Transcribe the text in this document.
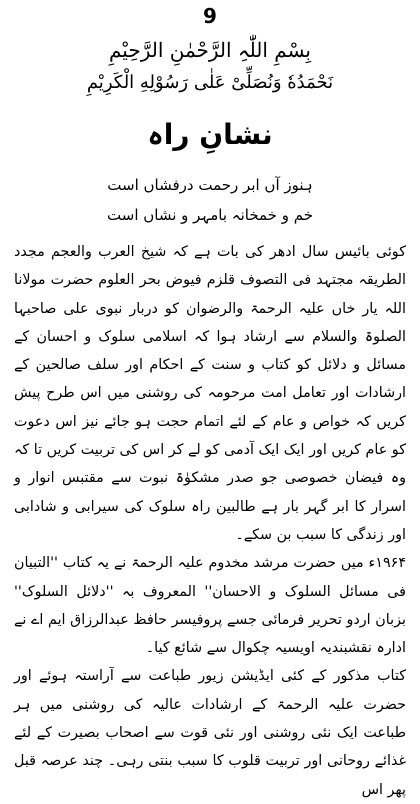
9
بِسْمِ اللّٰہِ الرَّحْمٰنِ الرَّحِیْمِ
نَحْمَدُهٗ وَنُصَلِّیْ عَلٰی رَسُوْلِهِ الْكَرِیْمِ
نشانِ راہ
ہنوز آں ابر رحمت درفشاں است
خم و خمخانہ بامہر و نشاں است

کوئی بائیس سال ادھر کی بات ہے کہ شیخ العرب والعجم مجدد الطریقہ مجتہد فی التصوف قلزم فیوض بحر العلوم حضرت مولانا اللہ یار خاں علیہ الرحمۃ والرضوان کو دربار نبوی علی صاحبہا الصلوۃ والسلام سے ارشاد ہوا کہ اسلامی سلوک و احسان کے مسائل و دلائل کو کتاب و سنت کے احکام اور سلف صالحین کے ارشادات اور تعامل امت مرحومہ کی روشنی میں اس طرح پیش کریں کہ خواص و عام کے لئے اتمام حجت ہو جائے نیز اس دعوت کو عام کریں اور ایک ایک آدمی کو لے کر اس کی تربیت کریں تا کہ وہ فیضان خصوصی جو صدر مشکوٰۃ نبوت سے مقتبس انوار و اسرار کا ابر گہر بار ہے طالبین راہ سلوک کی سیرابی و شادابی اور زندگی کا سبب بن سکے۔

۱۹۶۴ء میں حضرت مرشد مخدوم علیہ الرحمۃ نے یہ کتاب ''التبیان فی مسائل السلوک و الاحسان'' المعروف بہ ''دلائل السلوک'' بزبان اردو تحریر فرمائی جسے پروفیسر حافظ عبدالرزاق ایم اے نے ادارہ نقشبندیہ اویسیہ چکوال سے شائع کیا۔

کتاب مذکور کے کئی ایڈیشن زیور طباعت سے آراستہ ہوئے اور حضرت علیہ الرحمۃ کے ارشادات عالیہ کی روشنی میں ہر طباعت ایک نئی روشنی اور نئی قوت سے اصحاب بصیرت کے لئے غذائے روحانی اور تربیت قلوب کا سبب بنتی رہی۔ چند عرصہ قبل پھر اس
